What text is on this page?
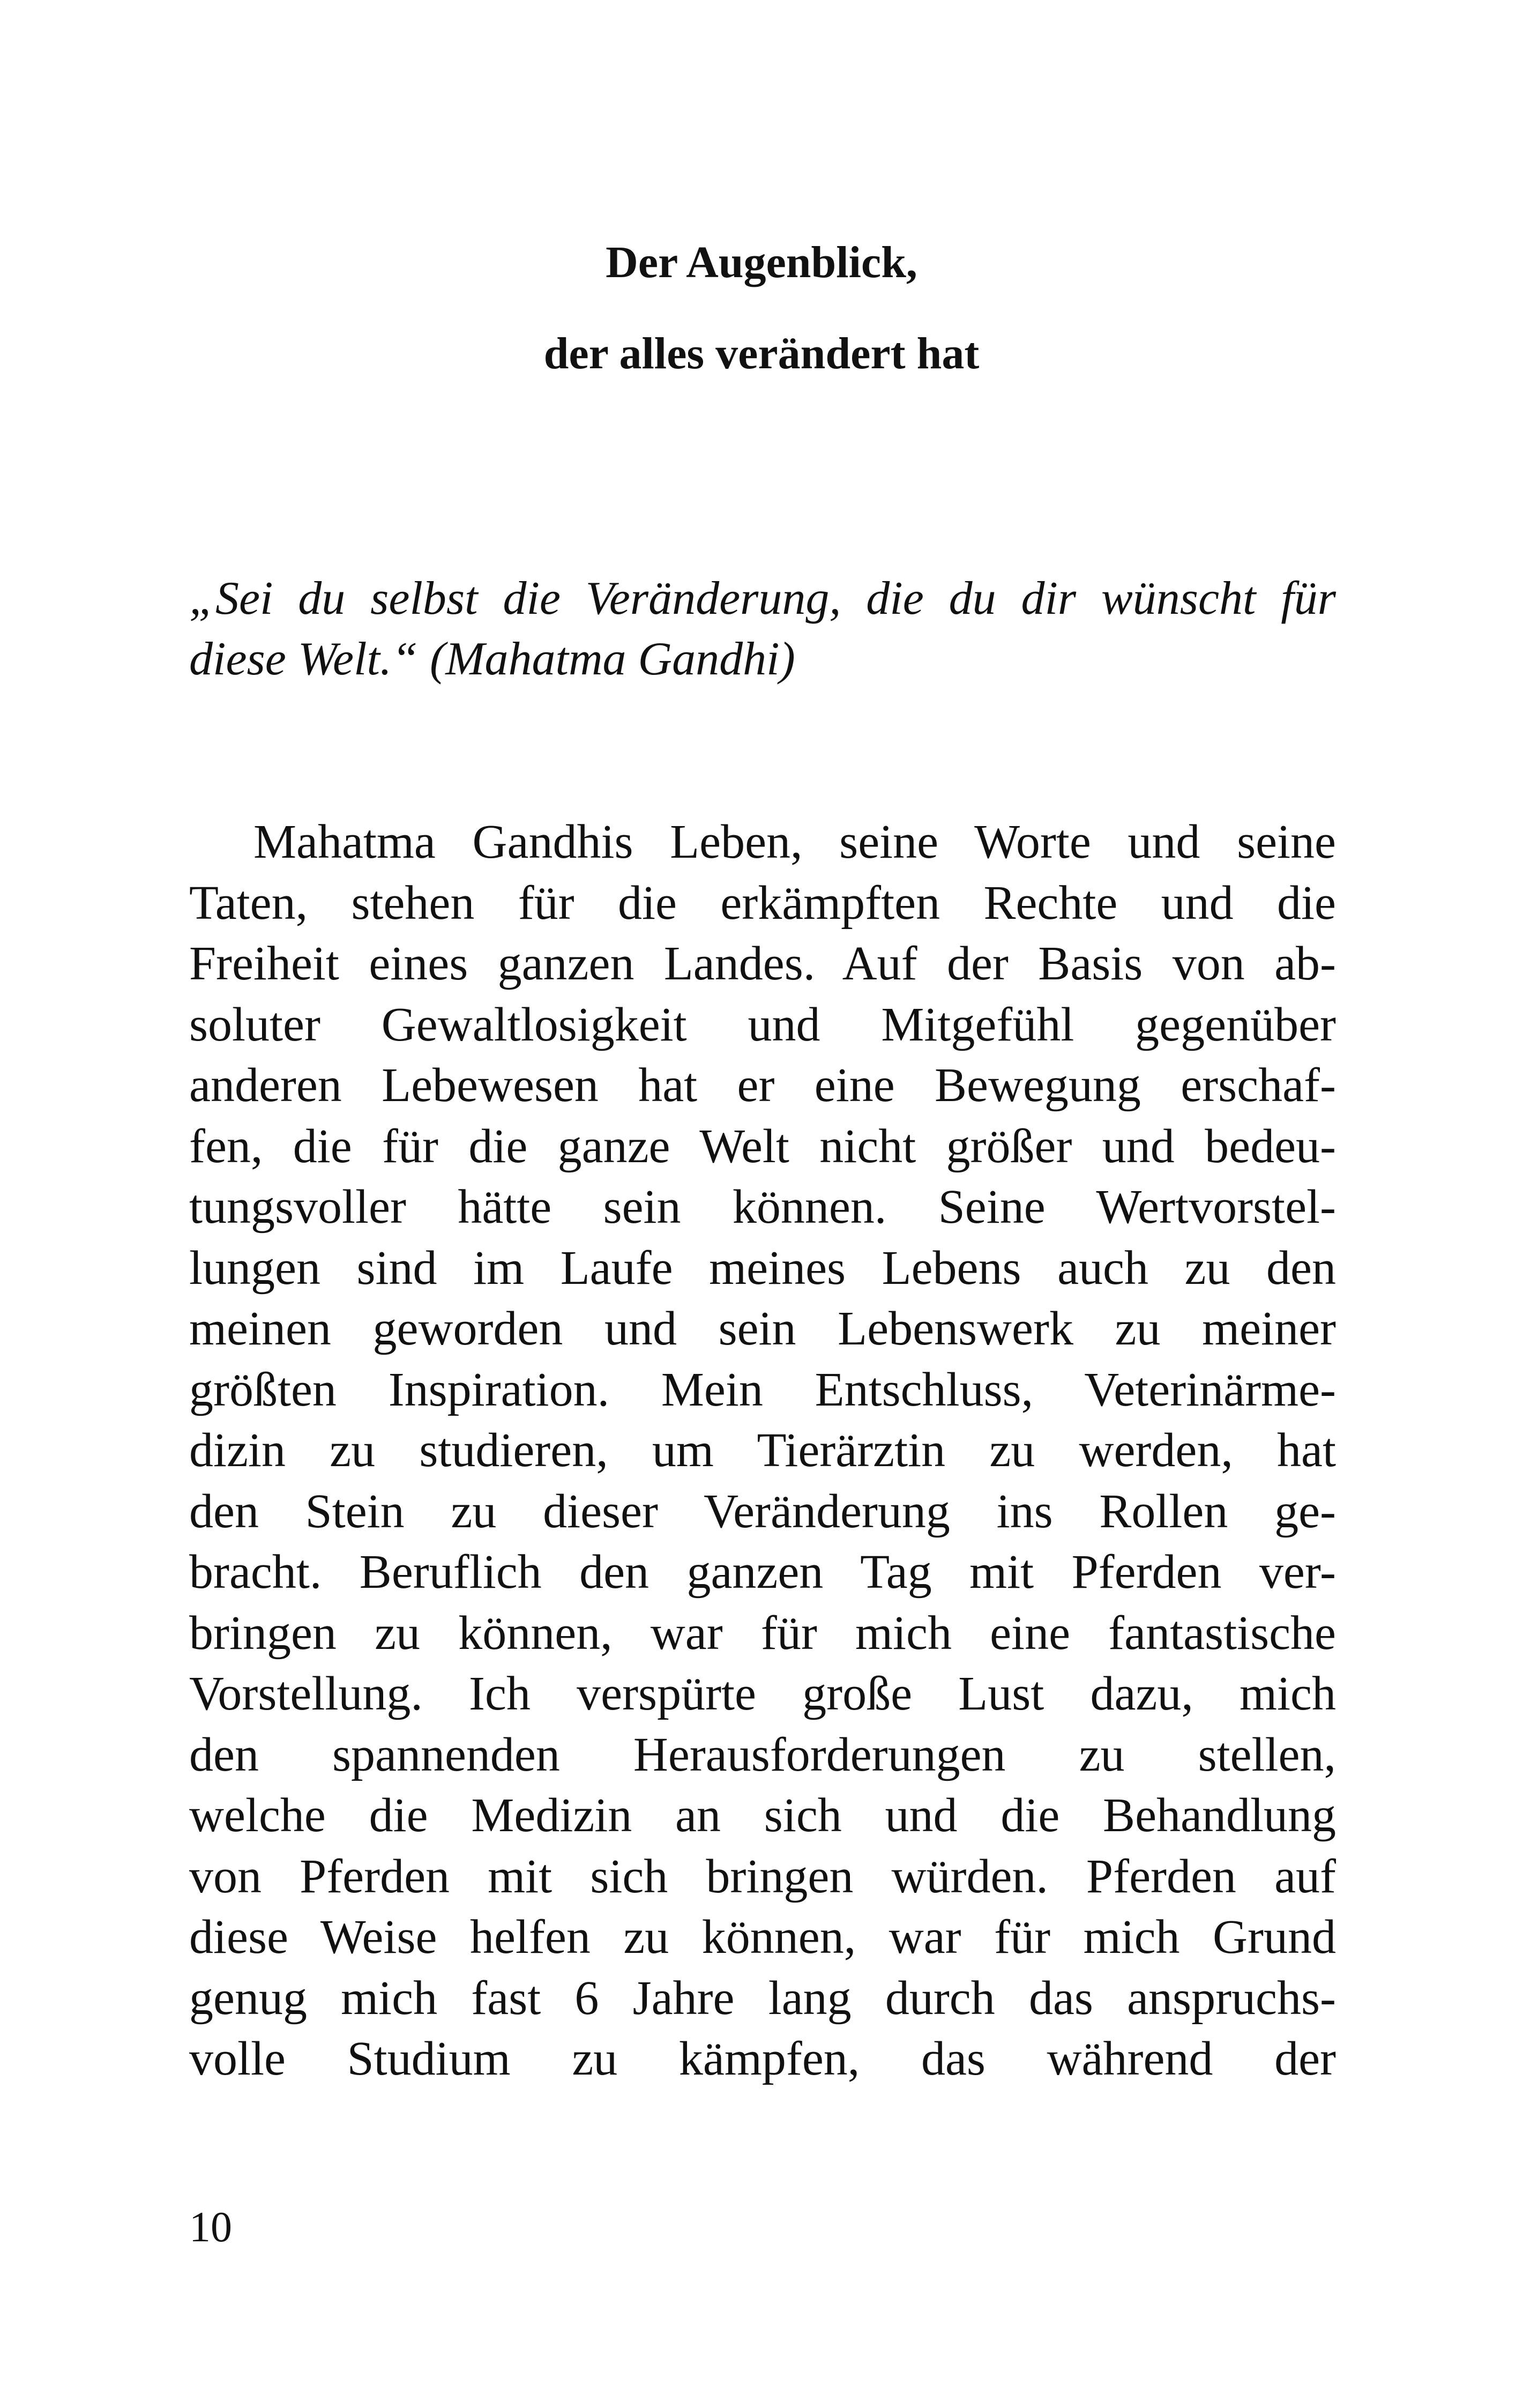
Der Augenblick,
der alles verändert hat
„Sei du selbst die Veränderung, die du dir wünscht für
diese Welt.“ (Mahatma Gandhi)
Mahatma Gandhis Leben, seine Worte und seine
Taten, stehen für die erkämpften Rechte und die
Freiheit eines ganzen Landes. Auf der Basis von ab-
soluter Gewaltlosigkeit und Mitgefühl gegenüber
anderen Lebewesen hat er eine Bewegung erschaf-
fen, die für die ganze Welt nicht größer und bedeu-
tungsvoller hätte sein können. Seine Wertvorstel-
lungen sind im Laufe meines Lebens auch zu den
meinen geworden und sein Lebenswerk zu meiner
größten Inspiration. Mein Entschluss, Veterinärme-
dizin zu studieren, um Tierärztin zu werden, hat
den Stein zu dieser Veränderung ins Rollen ge-
bracht. Beruflich den ganzen Tag mit Pferden ver-
bringen zu können, war für mich eine fantastische
Vorstellung. Ich verspürte große Lust dazu, mich
den spannenden Herausforderungen zu stellen,
welche die Medizin an sich und die Behandlung
von Pferden mit sich bringen würden. Pferden auf
diese Weise helfen zu können, war für mich Grund
genug mich fast 6 Jahre lang durch das anspruchs-
volle Studium zu kämpfen, das während der
10
